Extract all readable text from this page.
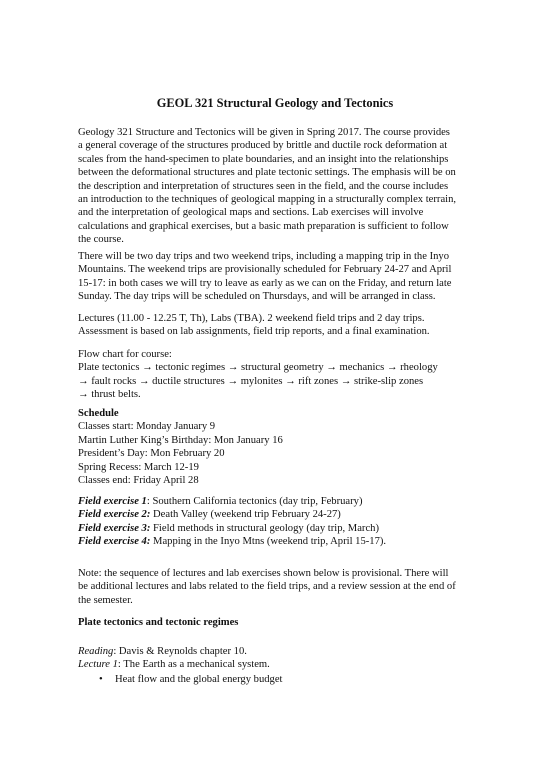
GEOL 321 Structural Geology and Tectonics
Geology 321 Structure and Tectonics will be given in Spring 2017. The course provides
a general coverage of the structures produced by brittle and ductile rock deformation at
scales from the hand-specimen to plate boundaries, and an insight into the relationships
between the deformational structures and plate tectonic settings. The emphasis will be on
the description and interpretation of structures seen in the field, and the course includes
an introduction to the techniques of geological mapping in a structurally complex terrain,
and the interpretation of geological maps and sections. Lab exercises will involve
calculations and graphical exercises, but a basic math preparation is sufficient to follow
the course.
There will be two day trips and two weekend trips, including a mapping trip in the Inyo
Mountains. The weekend trips are provisionally scheduled for February 24-27 and April
15-17: in both cases we will try to leave as early as we can on the Friday, and return late
Sunday. The day trips will be scheduled on Thursdays, and will be arranged in class.
Lectures (11.00 - 12.25 T, Th), Labs (TBA). 2 weekend field trips and 2 day trips.
Assessment is based on lab assignments, field trip reports, and a final examination.
Flow chart for course:
Plate tectonics → tectonic regimes → structural geometry → mechanics → rheology
→ fault rocks → ductile structures → mylonites → rift zones → strike-slip zones
→ thrust belts.
Schedule
Classes start: Monday January 9
Martin Luther King’s Birthday: Mon January 16
President’s Day: Mon February 20
Spring Recess: March 12-19
Classes end: Friday April 28
Field exercise 1: Southern California tectonics (day trip, February)
Field exercise 2: Death Valley (weekend trip February 24-27)
Field exercise 3: Field methods in structural geology (day trip, March)
Field exercise 4: Mapping in the Inyo Mtns (weekend trip, April 15-17).
Note: the sequence of lectures and lab exercises shown below is provisional. There will
be additional lectures and labs related to the field trips, and a review session at the end of
the semester.
Plate tectonics and tectonic regimes
Reading: Davis & Reynolds chapter 10.
Lecture 1: The Earth as a mechanical system.
• Heat flow and the global energy budget
